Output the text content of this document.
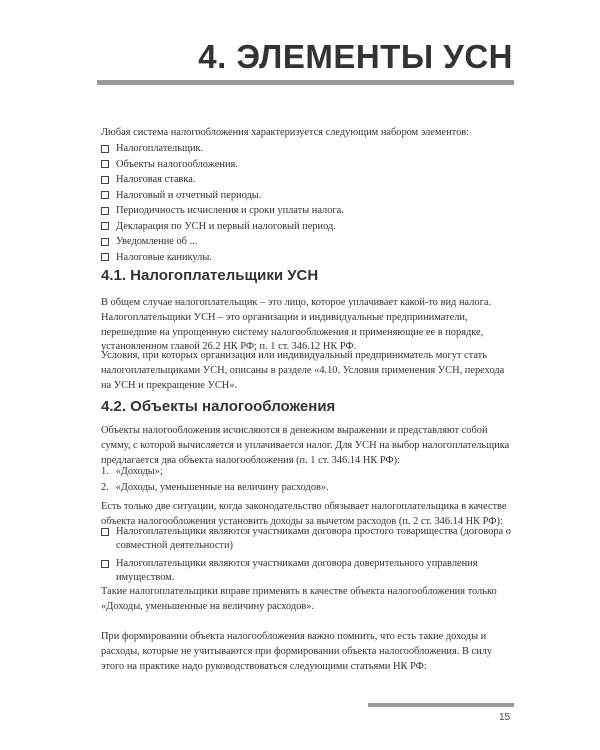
4. ЭЛЕМЕНТЫ УСН
Любая система налогообложения характеризуется следующим набором элементов:
Налогоплательщик.
Объекты налогообложения.
Налоговая ставка.
Налоговый и отчетный периоды.
Периодичность исчисления и сроки уплаты налога.
Декларация по УСН и первый налоговый период.
Уведомление об ...
Налоговые каникулы.
4.1. Налогоплательщики УСН
В общем случае налогоплательщик – это лицо, которое уплачивает какой-то вид налога. Налогоплательщики УСН – это организации и индивидуальные предприниматели, перешедшие на упрощенную систему налогообложения и применяющие ее в порядке, установленном главой 26.2 НК РФ; п. 1 ст. 346.12 НК РФ.
Условия, при которых организация или индивидуальный предприниматель могут стать налогоплательщиками УСН, описаны в разделе «4.10. Условия применения УСН, перехода на УСН и прекращение УСН».
4.2. Объекты налогообложения
Объекты налогообложения исчисляются в денежном выражении и представляют собой сумму, с которой вычисляется и уплачивается налог. Для УСН на выбор налогоплательщика предлагается два объекта налогообложения (п. 1 ст. 346.14 НК РФ):
1. «Доходы»;
2. «Доходы, уменьшенные на величину расходов».
Есть только две ситуации, когда законодательство обязывает налогоплательщика в качестве объекта налогообложения установить доходы за вычетом расходов (п. 2 ст. 346.14 НК РФ):
Налогоплательщики являются участниками договора простого товарищества (договора о
совместной деятельности)
Налогоплательщики являются участниками договора доверительного управления
имуществом.
Такие налогоплательщики вправе применять в качестве объекта налогообложения только «Доходы, уменьшенные на величину расходов».
При формировании объекта налогообложения важно помнить, что есть такие доходы и расходы, которые не учитываются при формировании объекта налогообложения. В силу этого на практике надо руководствоваться следующими статьями НК РФ:
15
